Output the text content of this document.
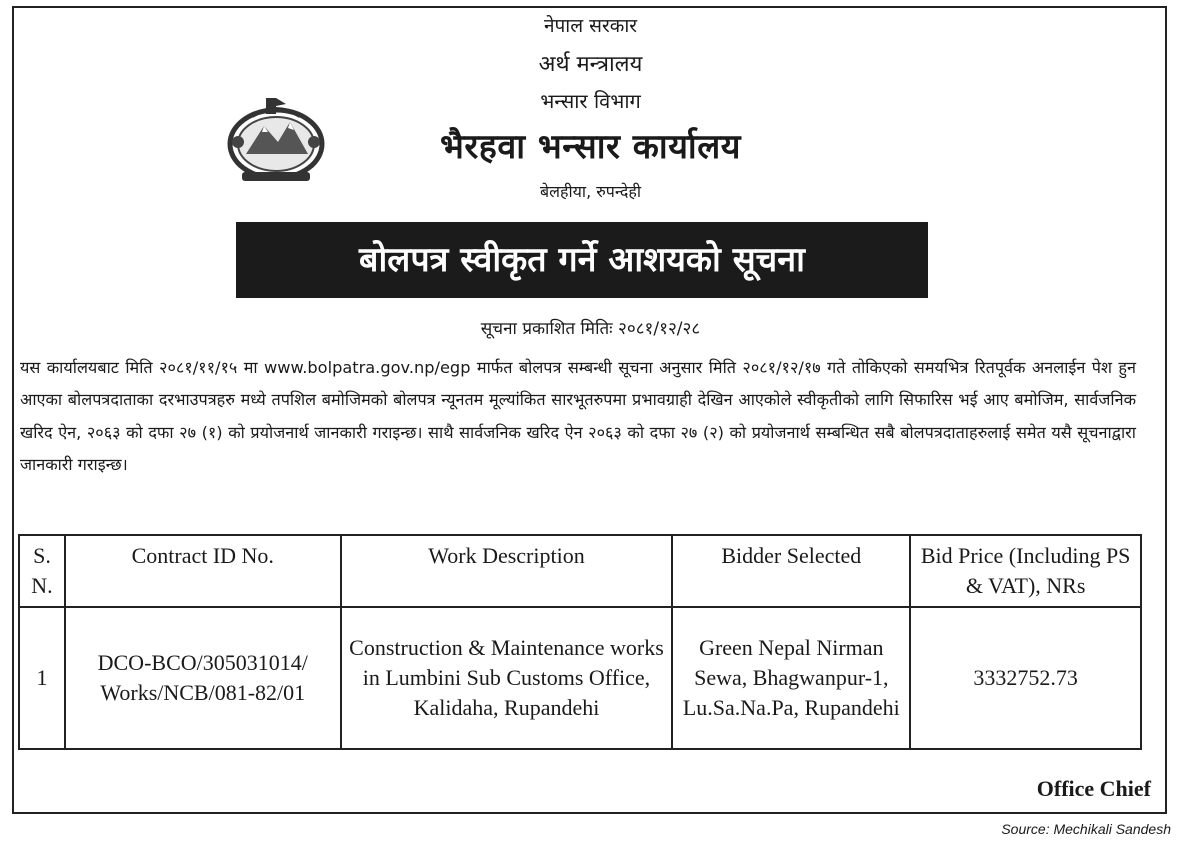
नेपाल सरकार
अर्थ मन्त्रालय
भन्सार विभाग
भैरहवा भन्सार कार्यालय
बेलहीया, रुपन्देही
बोलपत्र स्वीकृत गर्ने आशयको सूचना
सूचना प्रकाशित मितिः २०८१/१२/२८
यस कार्यालयबाट मिति २०८१/११/१५ मा www.bolpatra.gov.np/egp मार्फत बोलपत्र सम्बन्धी सूचना अनुसार मिति २०८१/१२/१७ गते तोकिएको समयभित्र रितपूर्वक अनलाईन पेश हुन आएका बोलपत्रदाताका दरभाउपत्रहरु मध्ये तपशिल बमोजिमको बोलपत्र न्यूनतम मूल्यांकित सारभूतरुपमा प्रभावग्राही देखिन आएकोले स्वीकृतीको लागि सिफारिस भई आए बमोजिम, सार्वजनिक खरिद ऐन, २०६३ को दफा २७ (१) को प्रयोजनार्थ जानकारी गराइन्छ। साथै सार्वजनिक खरिद ऐन २०६३ को दफा २७ (२) को प्रयोजनार्थ सम्बन्धित सबै बोलपत्रदाताहरुलाई समेत यसै सूचनाद्वारा जानकारी गराइन्छ।
S. N.	Contract ID No.	Work Description	Bidder Selected	Bid Price (Including PS & VAT), NRs
1	DCO-BCO/305031014/ Works/NCB/081-82/01	Construction & Maintenance works in Lumbini Sub Customs Office, Kalidaha, Rupandehi	Green Nepal Nirman Sewa, Bhagwanpur-1, Lu.Sa.Na.Pa, Rupandehi	3332752.73
Office Chief
Source: Mechikali Sandesh
